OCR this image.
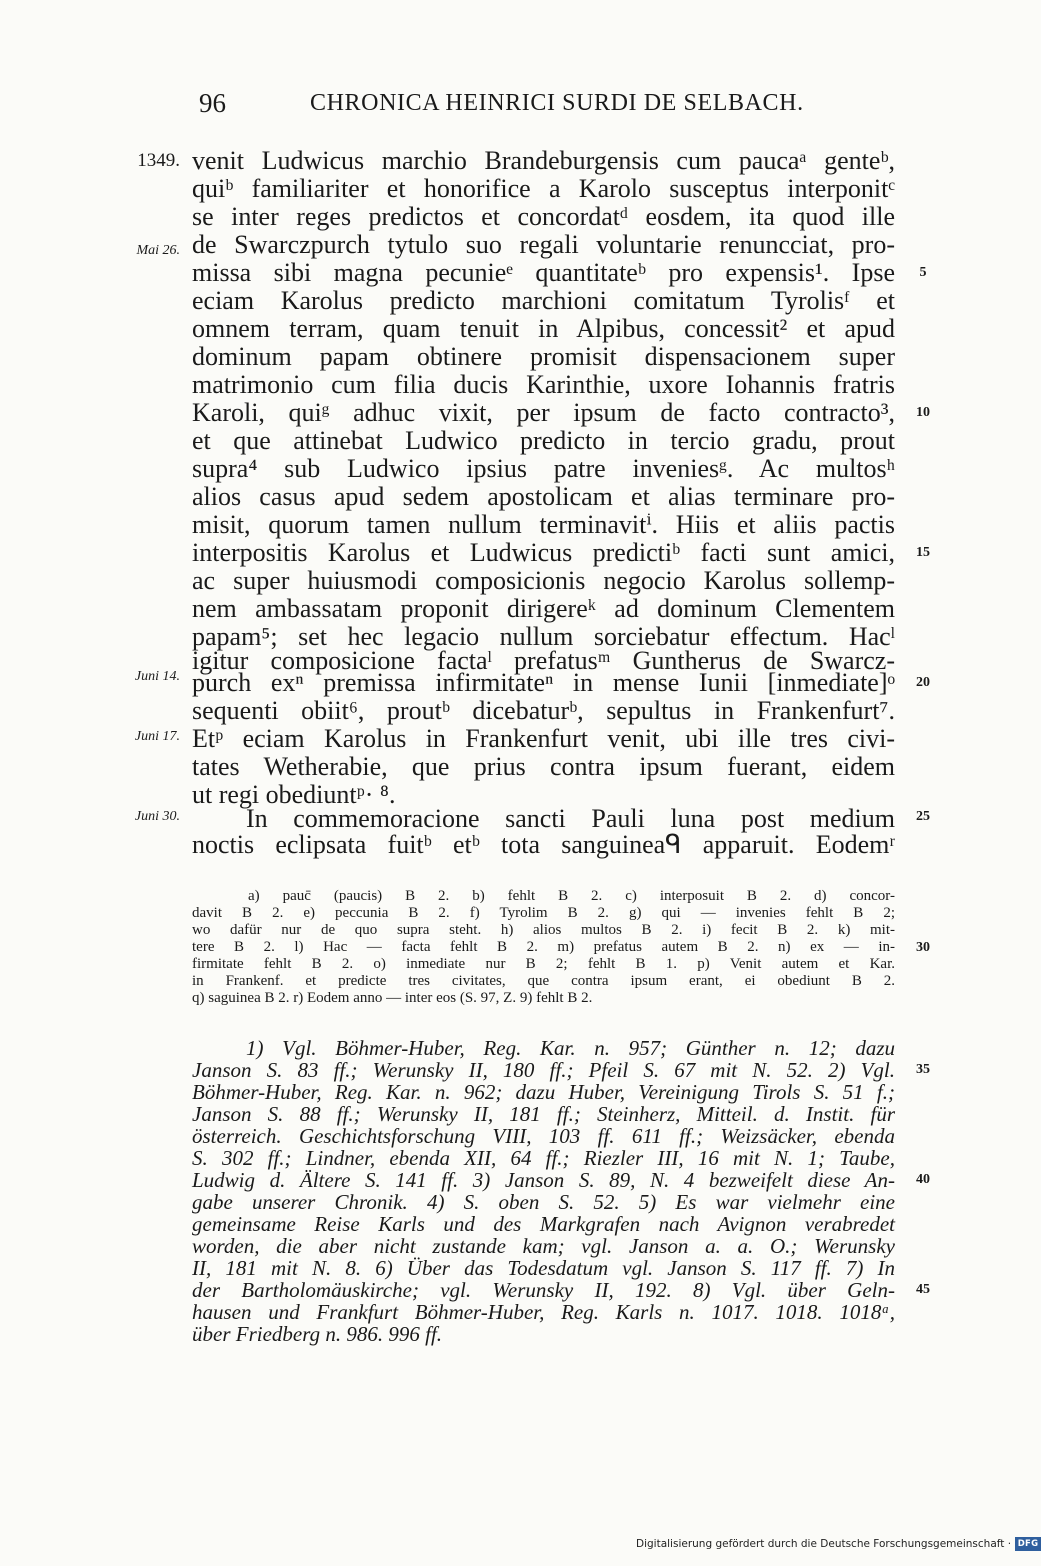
96	CHRONICA HEINRICI SURDI DE SELBACH.
1349.
Mai 26.
Juni 14.
Juni 17.
Juni 30.
venit Ludwicus marchio Brandeburgensis cum paucaᵃ genteᵇ,
quiᵇ familiariter et honorifice a Karolo susceptus interponitᶜ
se inter reges predictos et concordatᵈ eosdem, ita quod ille
de Swarczpurch tytulo suo regali voluntarie renuncciat, pro-
missa sibi magna pecunieᵉ quantitateᵇ pro expensis¹. Ipse
eciam Karolus predicto marchioni comitatum Tyrolisᶠ et
omnem terram, quam tenuit in Alpibus, concessit² et apud
dominum papam obtinere promisit dispensacionem super
matrimonio cum filia ducis Karinthie, uxore Iohannis fratris
Karoli, quiᵍ adhuc vixit, per ipsum de facto contracto³,
et que attinebat Ludwico predicto in tercio gradu, prout
supra⁴ sub Ludwico ipsius patre inveniesᵍ. Ac multosʰ
alios casus apud sedem apostolicam et alias terminare pro-
misit, quorum tamen nullum terminavitⁱ. Hiis et aliis pactis
interpositis Karolus et Ludwicus predictiᵇ facti sunt amici,
ac super huiusmodi composicionis negocio Karolus sollemp-
nem ambassatam proponit dirigereᵏ ad dominum Clementem
papam⁵; set hec legacio nullum sorciebatur effectum. Hacˡ
igitur composicione factaˡ prefatusᵐ Guntherus de Swarcz-
purch exⁿ premissa infirmitateⁿ in mense Iunii [inmediate]ᵒ
sequenti obiit⁶, proutᵇ dicebaturᵇ, sepultus in Frankenfurt⁷.
Etᵖ eciam Karolus in Frankenfurt venit, ubi ille tres civi-
tates Wetherabie, que prius contra ipsum fuerant, eidem
ut regi obediuntᵖ· ⁸.
In commemoracione sancti Pauli luna post medium
noctis eclipsata fuitᵇ etᵇ tota sanguineaᑫ apparuit. Eodemʳ
5
10
15
20
25
a) pauc̄ (paucis) B 2. b) fehlt B 2. c) interposuit B 2. d) concor-
davit B 2. e) peccunia B 2. f) Tyrolim B 2. g) qui — invenies fehlt B 2;
wo dafür nur de quo supra steht. h) alios multos B 2. i) fecit B 2. k) mit-
tere B 2. l) Hac — facta fehlt B 2. m) prefatus autem B 2. n) ex — in-
firmitate fehlt B 2. o) inmediate nur B 2; fehlt B 1. p) Venit autem et Kar.
in Frankenf. et predicte tres civitates, que contra ipsum erant, ei obediunt B 2.
q) saguinea B 2. r) Eodem anno — inter eos (S. 97, Z. 9) fehlt B 2.
30
1) Vgl. Böhmer-Huber, Reg. Kar. n. 957; Günther n. 12; dazu
Janson S. 83 ff.; Werunsky II, 180 ff.; Pfeil S. 67 mit N. 52. 2) Vgl.
Böhmer-Huber, Reg. Kar. n. 962; dazu Huber, Vereinigung Tirols S. 51 f.;
Janson S. 88 ff.; Werunsky II, 181 ff.; Steinherz, Mitteil. d. Instit. für
österreich. Geschichtsforschung VIII, 103 ff. 611 ff.; Weizsäcker, ebenda
S. 302 ff.; Lindner, ebenda XII, 64 ff.; Riezler III, 16 mit N. 1; Taube,
Ludwig d. Ältere S. 141 ff. 3) Janson S. 89, N. 4 bezweifelt diese An-
gabe unserer Chronik. 4) S. oben S. 52. 5) Es war vielmehr eine
gemeinsame Reise Karls und des Markgrafen nach Avignon verabredet
worden, die aber nicht zustande kam; vgl. Janson a. a. O.; Werunsky
II, 181 mit N. 8. 6) Über das Todesdatum vgl. Janson S. 117 ff. 7) In
der Bartholomäuskirche; vgl. Werunsky II, 192. 8) Vgl. über Geln-
hausen und Frankfurt Böhmer-Huber, Reg. Karls n. 1017. 1018. 1018ᵃ,
über Friedberg n. 986. 996 ff.
35
40
45
Digitalisierung gefördert durch die Deutsche Forschungsgemeinschaft · DFG
